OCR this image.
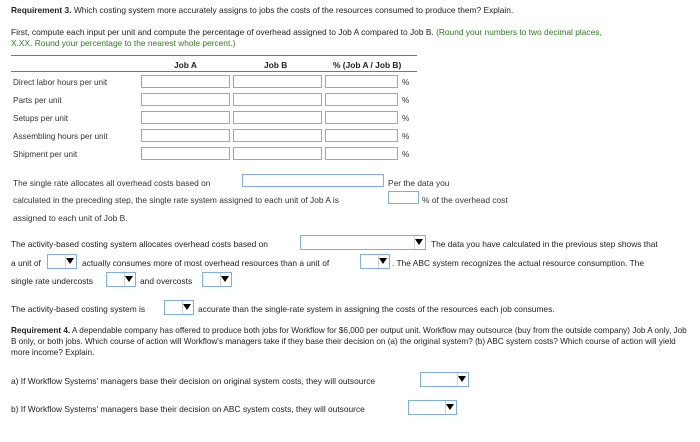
Requirement 3. Which costing system more accurately assigns to jobs the costs of the resources consumed to produce them? Explain.
First, compute each input per unit and compute the percentage of overhead assigned to Job A compared to Job B. (Round your numbers to two decimal places,
X.XX. Round your percentage to the nearest whole percent.)
Job A	Job B	% (Job A / Job B)
Direct labor hours per unit	%
Parts per unit	%
Setups per unit	%
Assembling hours per unit	%
Shipment per unit	%
The single rate allocates all overhead costs based on	Per the data you
calculated in the preceding step, the single rate system assigned to each unit of Job A is	% of the overhead cost
assigned to each unit of Job B.
The activity-based costing system allocates overhead costs based on	The data you have calculated in the previous step shows that
a unit of	actually consumes more of most overhead resources than a unit of	. The ABC system recognizes the actual resource consumption. The
single rate undercosts	and overcosts
The activity-based costing system is	accurate than the single-rate system in assigning the costs of the resources each job consumes.
Requirement 4. A dependable company has offered to produce both jobs for Workflow for $6,000 per output unit. Workflow may outsource (buy from the outside company) Job A only, Job B only, or both jobs. Which course of action will Workflow's managers take if they base their decision on (a) the original system? (b) ABC system costs? Which course of action will yield more income? Explain.
a) If Workflow Systems' managers base their decision on original system costs, they will outsource
b) If Workflow Systems' managers base their decision on ABC system costs, they will outsource
